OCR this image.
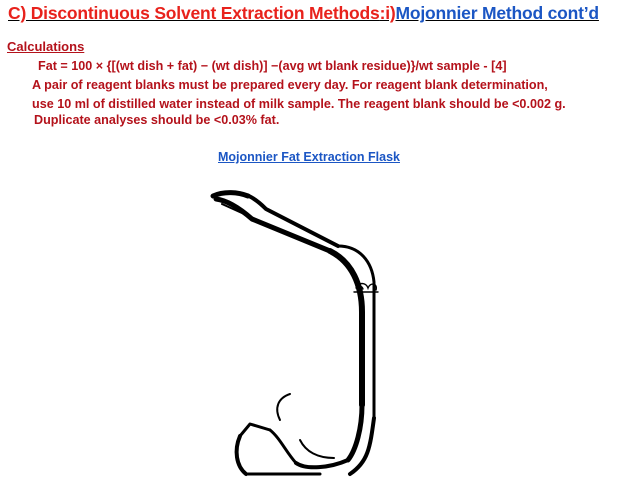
C) Discontinuous Solvent Extraction Methods:i)Mojonnier Method cont’d
Calculations
Fat = 100 × {[(wt dish + fat) − (wt dish)] −(avg wt blank residue)}/wt sample - [4]
A pair of reagent blanks must be prepared every day. For reagent blank determination,
use 10 ml of distilled water instead of milk sample. The reagent blank should be <0.002 g.
Duplicate analyses should be <0.03% fat.
Mojonnier Fat Extraction Flask
